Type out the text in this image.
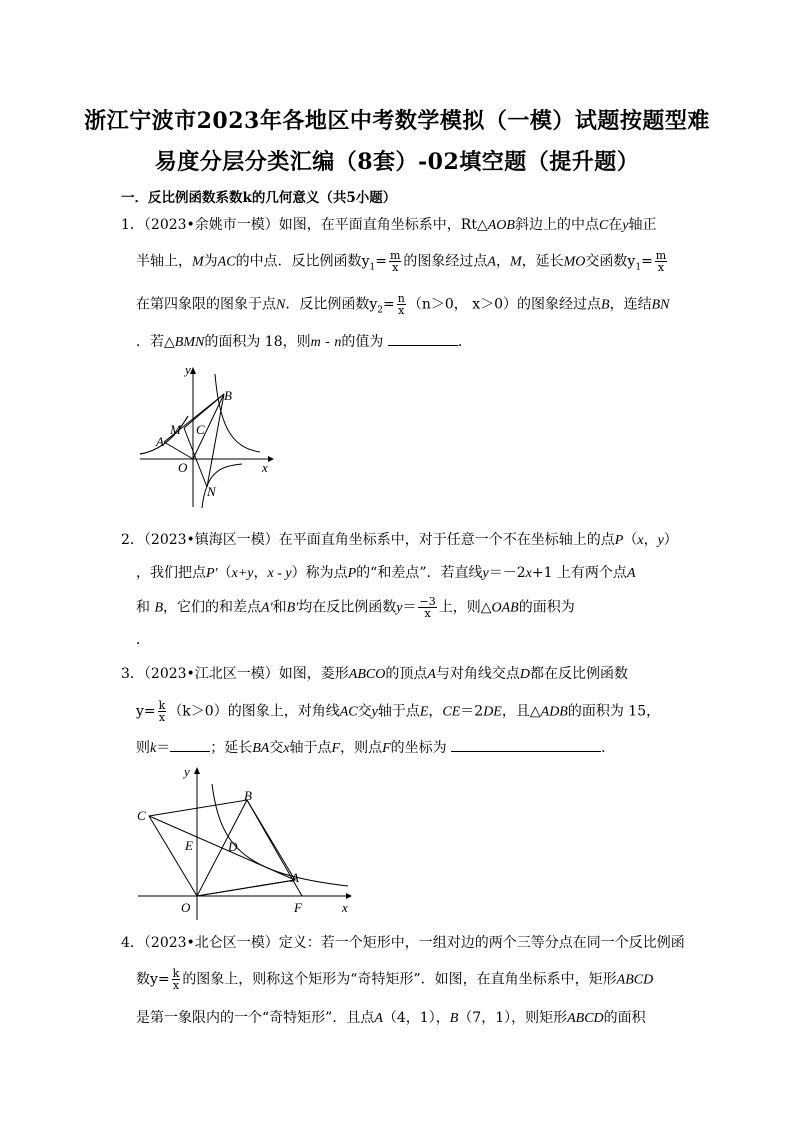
浙江宁波市2023年各地区中考数学模拟（一模）试题按题型难
易度分层分类汇编（8套）-02填空题（提升题）
一．反比例函数系数k的几何意义（共5小题）
1．（2023•余姚市一模）如图，在平面直角坐标系中，Rt△AOB斜边上的中点C在y轴正
半轴上，M为AC的中点．反比例函数$y_1= \frac{m}{x}$ 的图象经过点A，M，延长MO交函数$y_1= \frac{m}{x}$
在第四象限的图象于点N．反比例函数$y_2= \frac{n}{x} (n>0$， x＞0）的图象经过点B，连结BN
．若△BMN的面积为 18，则m - n的值为	．
y
x
B
M C
A
O
N
2．（2023•镇海区一模）在平面直角坐标系中，对于任意一个不在坐标轴上的点P（x，y）
，我们把点P′（x+y，x - y）称为点P的“和差点”．若直线y＝－2x+1 上有两个点A
和 B，它们的和差点A′和B′均在反比例函数$y= \frac{-3}{x}$ 上，则△OAB的面积为
．
3．（2023•江北区一模）如图，菱形ABCO的顶点A与对角线交点D都在反比例函数
$y= \frac{k}{x} (k>0)$的图象上，对角线AC交y轴于点E，CE＝2DE，且△ADB的面积为 15，
则k＝	；延长BA交x轴于点F，则点F的坐标为	．
y
x
B
C
E	D
A
O	F
4．（2023•北仑区一模）定义：若一个矩形中，一组对边的两个三等分点在同一个反比例函
数$y= \frac{k}{x}$ 的图象上，则称这个矩形为“奇特矩形”．如图，在直角坐标系中，矩形ABCD
是第一象限内的一个“奇特矩形”．且点A（4，1），B（7，1），则矩形ABCD的面积
